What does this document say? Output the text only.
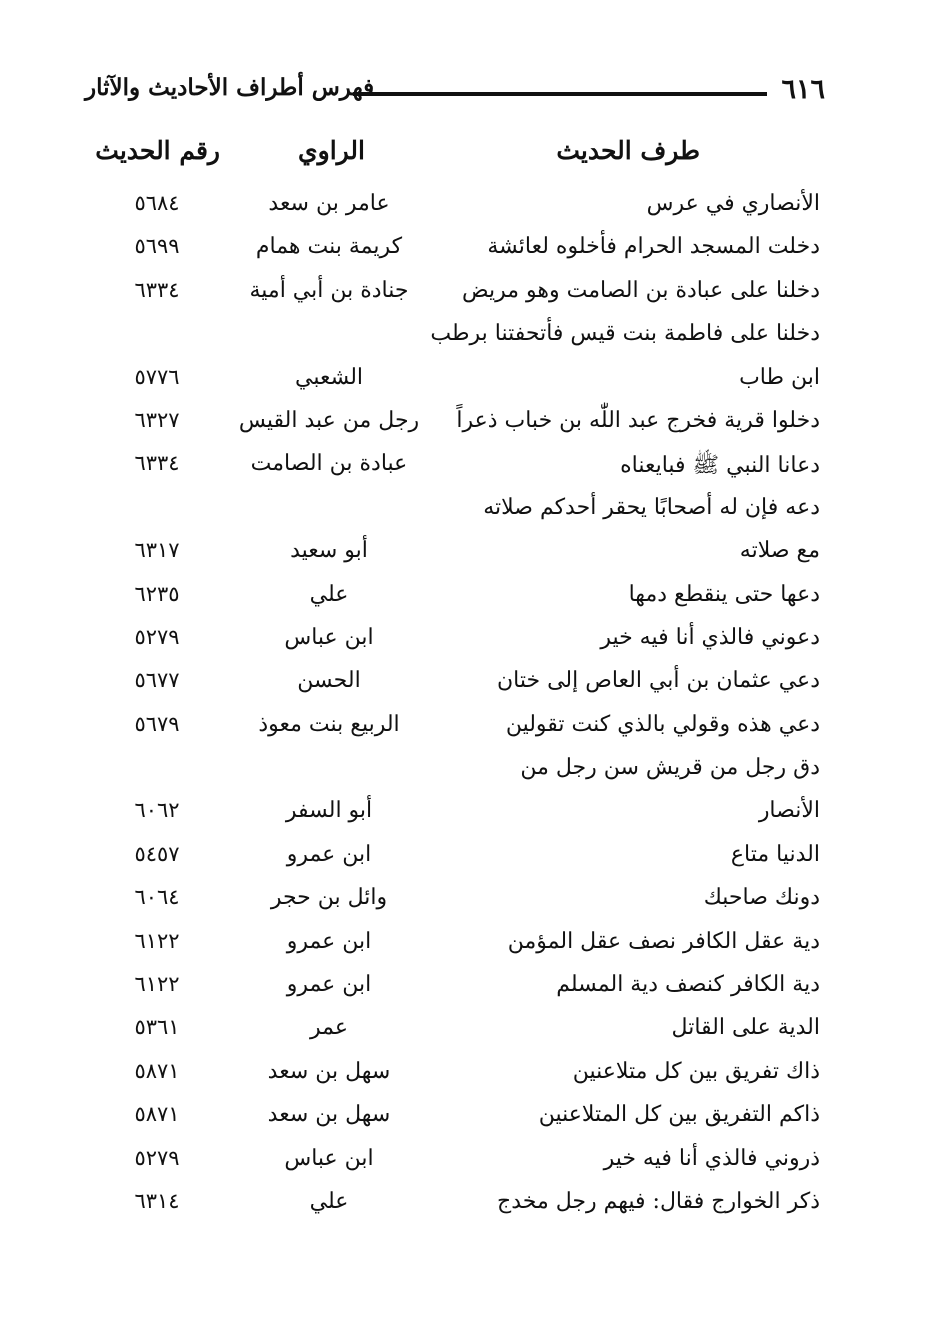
٦١٦
فهرس أطراف الأحاديث والآثار
طرف الحديث
الراوي
رقم الحديث
الأنصاري في عرس
عامر بن سعد
٥٦٨٤
دخلت المسجد الحرام فأخلوه لعائشة
كريمة بنت همام
٥٦٩٩
دخلنا على عبادة بن الصامت وهو مريض
جنادة بن أبي أمية
٦٣٣٤
دخلنا على فاطمة بنت قيس فأتحفتنا برطب
ابن طاب
الشعبي
٥٧٧٦
دخلوا قرية فخرج عبد اللّٰه بن خباب ذعراً
رجل من عبد القيس
٦٣٢٧
دعانا النبي ﷺ فبايعناه
عبادة بن الصامت
٦٣٣٤
دعه فإن له أصحابًا يحقر أحدكم صلاته
مع صلاته
أبو سعيد
٦٣١٧
دعها حتى ينقطع دمها
علي
٦٢٣٥
دعوني فالذي أنا فيه خير
ابن عباس
٥٢٧٩
دعي عثمان بن أبي العاص إلى ختان
الحسن
٥٦٧٧
دعي هذه وقولي بالذي كنت تقولين
الربيع بنت معوذ
٥٦٧٩
دق رجل من قريش سن رجل من
الأنصار
أبو السفر
٦٠٦٢
الدنيا متاع
ابن عمرو
٥٤٥٧
دونك صاحبك
وائل بن حجر
٦٠٦٤
دية عقل الكافر نصف عقل المؤمن
ابن عمرو
٦١٢٢
دية الكافر كنصف دية المسلم
ابن عمرو
٦١٢٢
الدية على القاتل
عمر
٥٣٦١
ذاك تفريق بين كل متلاعنين
سهل بن سعد
٥٨٧١
ذاكم التفريق بين كل المتلاعنين
سهل بن سعد
٥٨٧١
ذروني فالذي أنا فيه خير
ابن عباس
٥٢٧٩
ذكر الخوارج فقال: فيهم رجل مخدج
علي
٦٣١٤
